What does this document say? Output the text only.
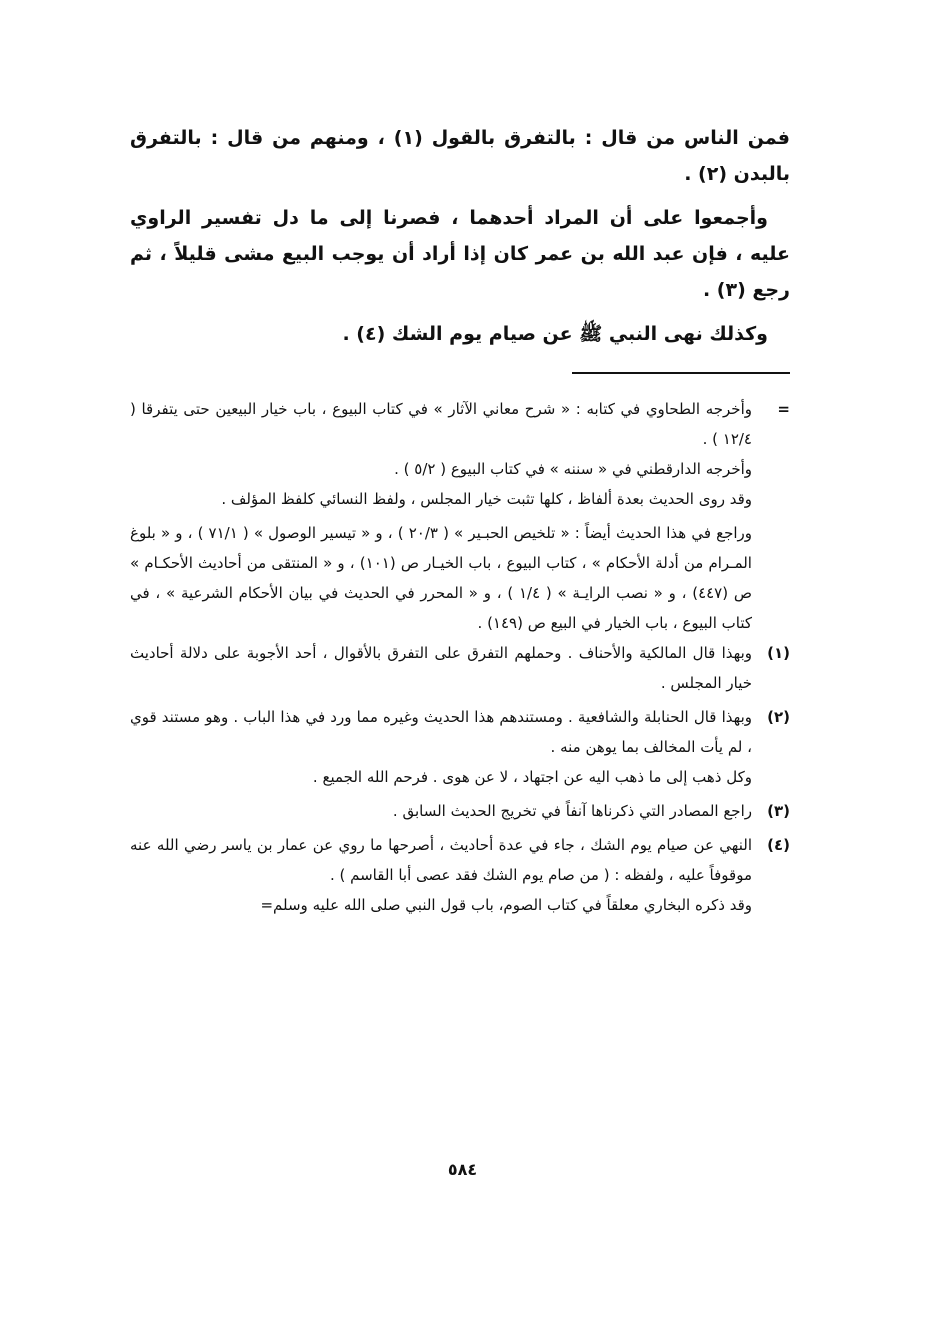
فمن الناس من قال : بالتفرق بالقول (١) ، ومنهم من قال : بالتفرق بالبدن (٢) .

وأجمعوا على أن المراد أحدهما ، فصرنا إلى ما دل تفسير الراوي عليه ، فإن عبد الله بن عمر كان إذا أراد أن يوجب البيع مشى قليلاً ، ثم رجع (٣) .

وكذلك نهى النبي ﷺ عن صيام يوم الشك (٤) .

=

وأخرجه الطحاوي في كتابه : « شرح معاني الآثار » في كتاب البيوع ، باب خيار البيعين حتى يتفرقا ( ١٢/٤ ) .

وأخرجه الدارقطني في « سننه » في كتاب البيوع ( ٥/٢ ) .

وقد روى الحديث بعدة ألفاظ ، كلها تثبت خيار المجلس ، ولفظ النسائي كلفظ المؤلف .

وراجع في هذا الحديث أيضاً : « تلخيص الحبـير » ( ٢٠/٣ ) ، و « تيسير الوصول » ( ٧١/١ ) ، و « بلوغ المـرام من أدلة الأحكام » ، كتاب البيوع ، باب الخيـار ص (١٠١) ، و « المنتقى من أحاديث الأحكـام » ص (٤٤٧) ، و « نصب الرايـة » ( ١/٤ ) ، و « المحرر في الحديث في بيان الأحكام الشرعية » ، في كتاب البيوع ، باب الخيار في البيع ص (١٤٩) .

(١)

وبهذا قال المالكية والأحناف . وحملهم التفرق على التفرق بالأقوال ، أحد الأجوبة على دلالة أحاديث خيار المجلس .

(٢)

وبهذا قال الحنابلة والشافعية . ومستندهم هذا الحديث وغيره مما ورد في هذا الباب . وهو مستند قوي ، لم يأت المخالف بما يوهن منه .

وكل ذهب إلى ما ذهب اليه عن اجتهاد ، لا عن هوى . فرحم الله الجميع .

(٣)

راجع المصادر التي ذكرناها آنفاً في تخريج الحديث السابق .

(٤)

النهي عن صيام يوم الشك ، جاء في عدة أحاديث ، أصرحها ما روي عن عمار بن ياسر رضي الله عنه موقوفاً عليه ، ولفظه : ( من صام يوم الشك فقد عصى أبا القاسم ) .

وقد ذكره البخاري معلقاً في كتاب الصوم، باب قول النبي صلى الله عليه وسلم=

٥٨٤
